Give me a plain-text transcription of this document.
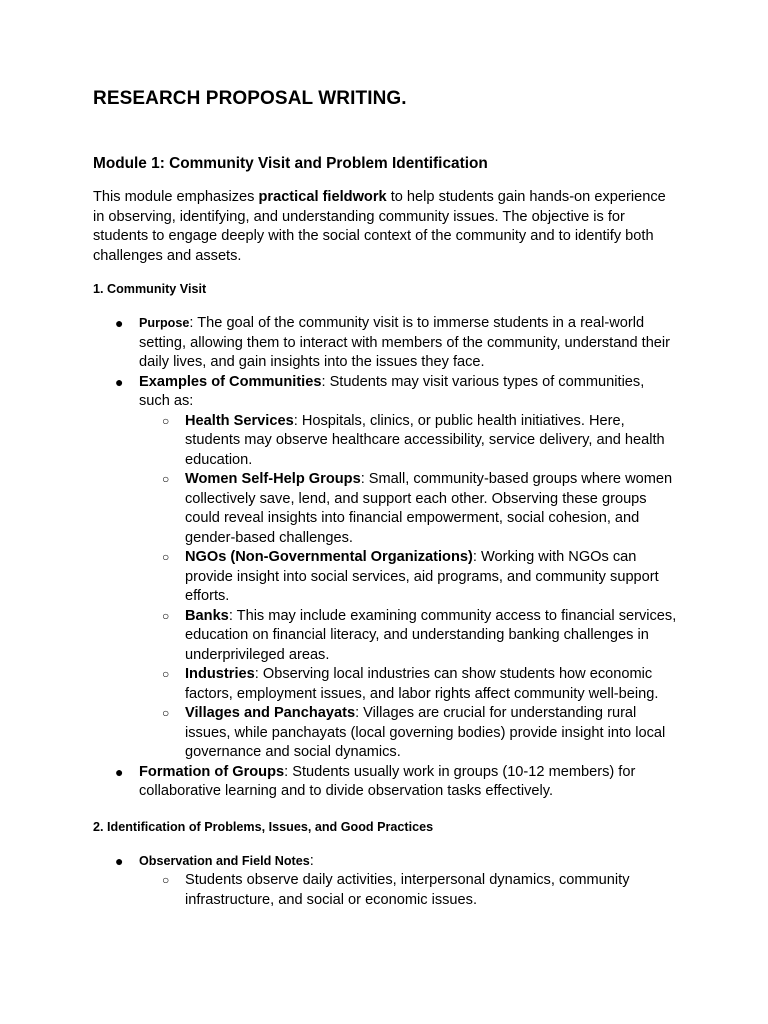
RESEARCH PROPOSAL WRITING.
Module 1: Community Visit and Problem Identification

This module emphasizes practical fieldwork to help students gain hands-on experience in observing, identifying, and understanding community issues. The objective is for students to engage deeply with the social context of the community and to identify both challenges and assets.

1. Community Visit
● Purpose: The goal of the community visit is to immerse students in a real-world setting, allowing them to interact with members of the community, understand their daily lives, and gain insights into the issues they face.
● Examples of Communities: Students may visit various types of communities, such as:
○ Health Services: Hospitals, clinics, or public health initiatives. Here, students may observe healthcare accessibility, service delivery, and health education.
○ Women Self-Help Groups: Small, community-based groups where women collectively save, lend, and support each other. Observing these groups could reveal insights into financial empowerment, social cohesion, and gender-based challenges.
○ NGOs (Non-Governmental Organizations): Working with NGOs can provide insight into social services, aid programs, and community support efforts.
○ Banks: This may include examining community access to financial services, education on financial literacy, and understanding banking challenges in underprivileged areas.
○ Industries: Observing local industries can show students how economic factors, employment issues, and labor rights affect community well-being.
○ Villages and Panchayats: Villages are crucial for understanding rural issues, while panchayats (local governing bodies) provide insight into local governance and social dynamics.
● Formation of Groups: Students usually work in groups (10-12 members) for collaborative learning and to divide observation tasks effectively.
2. Identification of Problems, Issues, and Good Practices
● Observation and Field Notes:
○ Students observe daily activities, interpersonal dynamics, community infrastructure, and social or economic issues.
